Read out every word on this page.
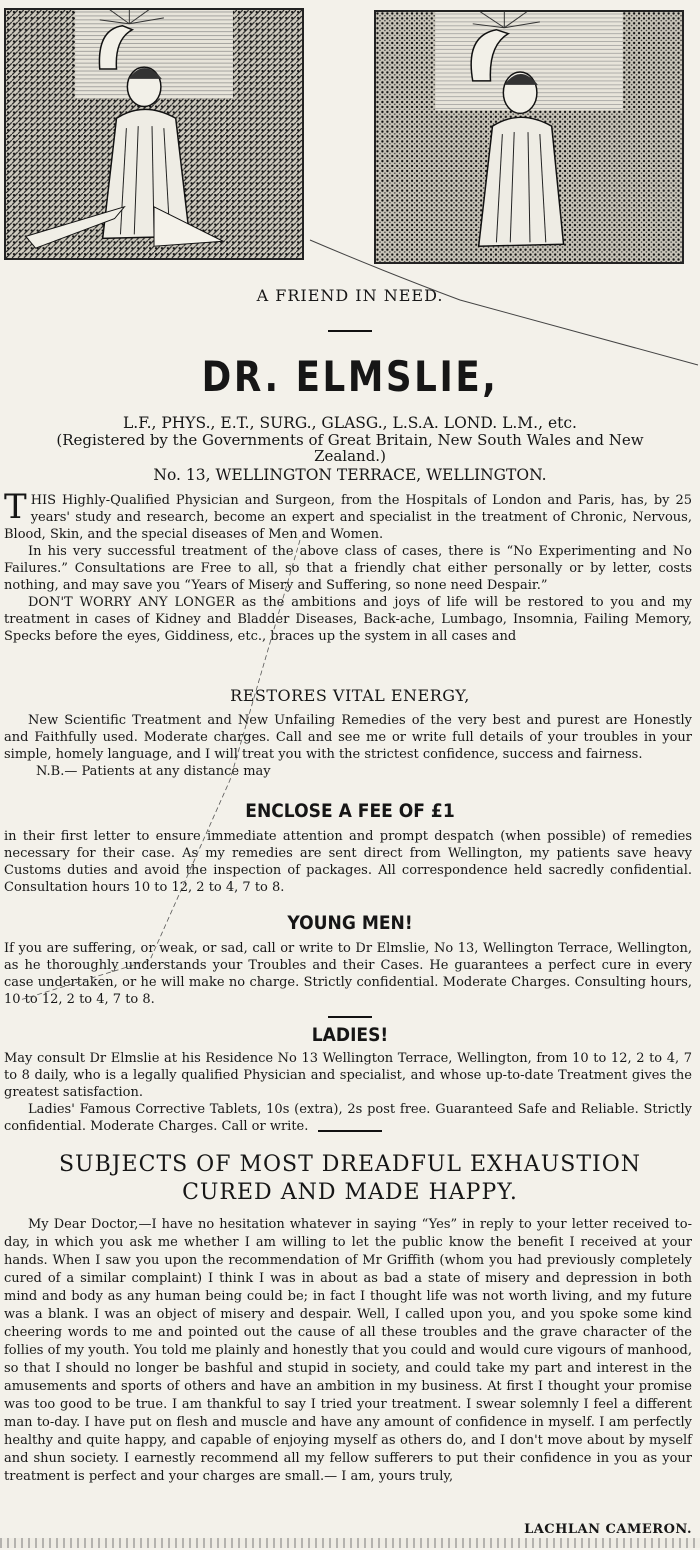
A FRIEND IN NEED.
DR. ELMSLIE,
L.F., PHYS., E.T., SURG., GLASG., L.S.A. LOND. L.M., etc.
(Registered by the Governments of Great Britain, New South Wales and New Zealand.)
No. 13, WELLINGTON TERRACE, WELLINGTON.

T HIS Highly-Qualified Physician and Surgeon, from the Hospitals of London and Paris, has, by 25 years' study and research, become an expert and specialist in the treatment of Chronic, Nervous, Blood, Skin, and the special diseases of Men and Women.

In his very successful treatment of the above class of cases, there is “No Experimenting and No Failures.” Consultations are Free to all, so that a friendly chat either personally or by letter, costs nothing, and may save you “Years of Misery and Suffering, so none need Despair.”

DON'T WORRY ANY LONGER as the ambitions and joys of life will be restored to you and my treatment in cases of Kidney and Bladder Diseases, Back-ache, Lumbago, Insomnia, Failing Memory, Specks before the eyes, Giddiness, etc., braces up the system in all cases and

RESTORES VITAL ENERGY,

New Scientific Treatment and New Unfailing Remedies of the very best and purest are Honestly and Faithfully used. Moderate charges. Call and see me or write full details of your troubles in your simple, homely language, and I will treat you with the strictest confidence, success and fairness.

N.B.— Patients at any distance may

ENCLOSE A FEE OF £1

in their first letter to ensure immediate attention and prompt despatch (when possible) of remedies necessary for their case. As my remedies are sent direct from Wellington, my patients save heavy Customs duties and avoid the inspection of packages. All correspondence held sacredly confidential. Consultation hours 10 to 12, 2 to 4, 7 to 8.

YOUNG MEN!

If you are suffering, or weak, or sad, call or write to Dr Elmslie, No 13, Wellington Terrace, Wellington, as he thoroughly understands your Troubles and their Cases. He guarantees a perfect cure in every case undertaken, or he will make no charge. Strictly confidential. Moderate Charges. Consulting hours, 10 to 12, 2 to 4, 7 to 8.

LADIES!

May consult Dr Elmslie at his Residence No 13 Wellington Terrace, Wellington, from 10 to 12, 2 to 4, 7 to 8 daily, who is a legally qualified Physician and specialist, and whose up-to-date Treatment gives the greatest satisfaction.

Ladies' Famous Corrective Tablets, 10s (extra), 2s post free. Guaranteed Safe and Reliable. Strictly confidential. Moderate Charges. Call or write.

SUBJECTS OF MOST DREADFUL EXHAUSTION
CURED AND MADE HAPPY.

My Dear Doctor,—I have no hesitation whatever in saying “Yes” in reply to your letter received to-day, in which you ask me whether I am willing to let the public know the benefit I received at your hands. When I saw you upon the recommendation of Mr Griffith (whom you had previously completely cured of a similar complaint) I think I was in about as bad a state of misery and depression in both mind and body as any human being could be; in fact I thought life was not worth living, and my future was a blank. I was an object of misery and despair. Well, I called upon you, and you spoke some kind cheering words to me and pointed out the cause of all these troubles and the grave character of the follies of my youth. You told me plainly and honestly that you could and would cure vigours of manhood, so that I should no longer be bashful and stupid in society, and could take my part and interest in the amusements and sports of others and have an ambition in my business. At first I thought your promise was too good to be true. I am thankful to say I tried your treatment. I swear solemnly I feel a different man to-day. I have put on flesh and muscle and have any amount of confidence in myself. I am perfectly healthy and quite happy, and capable of enjoying myself as others do, and I don't move about by myself and shun society. I earnestly recommend all my fellow sufferers to put their confidence in you as your treatment is perfect and your charges are small.— I am, yours truly,

LACHLAN CAMERON.
